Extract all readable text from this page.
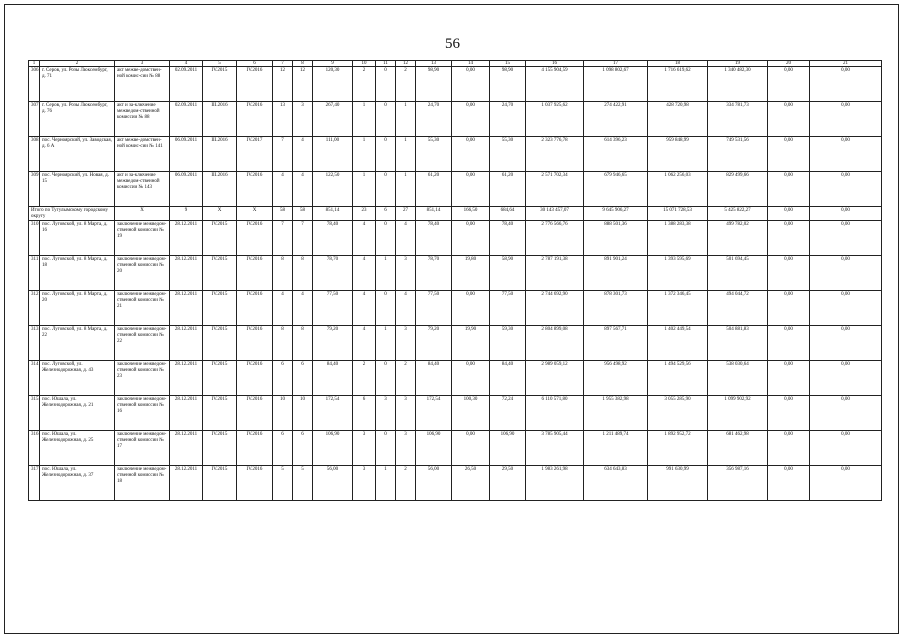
56
1	2	3	4	5	6	7	8	9	10	11	12	13	14	15	16	17	18	19	20	21
306	г. Серов, ул. Розы Люксембург, д. 71	акт межве-домствен-ной комис-сии № 88	02.09.2011	IV.2015	IV.2016	12	12	120,30	2	0	2	98,90	0,00	98,90	4 155 904,59	1 098 802,67	1 716 619,62	1 340 482,30	0,00	0,00
307	г. Серов, ул. Розы Люксембург, д. 76	акт и за-ключение межведом-ственной комиссии № 88	02.09.2011	III.2016	IV.2016	13	3	267,40	1	0	1	24,70	0,00	24,70	1 037 925,62	274 422,91	428 720,98	334 781,73	0,00	0,00
308	пос. Черноярский, ул. Заводская, д. 6 А	акт межве-домствен-ной комис-сии № 141	06.09.2011	III.2016	IV.2017	7	4	111,00	1	0	1	55,30	0,00	55,30	2 323 776,78	614 396,23	959 848,99	749 531,56	0,00	0,00
309	пос. Черноярский, ул. Новая, д. 15	акт и за-ключение межведом-ственной комиссии № 143	06.09.2011	III.2016	IV.2016	4	4	122,50	1	0	1	61,20	0,00	61,20	2 571 702,34	679 946,65	1 062 256,03	829 499,66	0,00	0,00
Итого по Тугулымскому городскому округу		X	9	X	X	58	58	851,14	23	6	27	851,14	166,50	684,64	30 143 457,07	9 645 906,27	15 071 728,53	5 425 822,27	0,00	0,00
310	пос. Луговской, ул. 8 Марта, д. 16	заключение межведом-ственной комиссии № 19	28.12.2011	IV.2015	IV.2016	7	7	78,40	4	0	4	78,40	0,00	78,40	2 776 566,76	888 501,36	1 388 283,38	499 782,02	0,00	0,00
311	пос. Луговской, ул. 8 Марта, д. 18	заключение межведом-ственной комиссии № 20	28.12.2011	IV.2015	IV.2016	8	8	78,70	4	1	3	78,70	19,80	58,90	2 787 191,38	891 901,24	1 393 595,69	501 694,45	0,00	0,00
312	пос. Луговской, ул. 8 Марта, д. 20	заключение межведом-ственной комиссии № 21	28.12.2011	IV.2015	IV.2016	4	4	77,50	4	0	4	77,50	0,00	77,50	2 744 692,90	878 301,73	1 372 346,45	494 044,72	0,00	0,00
313	пос. Луговской, ул. 8 Марта, д. 22	заключение межведом-ственной комиссии № 22	28.12.2011	IV.2015	IV.2016	8	8	79,20	4	1	3	79,20	19,90	59,30	2 804 899,08	897 567,71	1 402 449,54	504 881,83	0,00	0,00
314	пос. Луговской, ул. Железнодорожная, д. 43	заключение межведом-ственной комиссии № 23	28.12.2011	IV.2015	IV.2016	6	6	84,40	2	0	2	84,40	0,00	84,40	2 989 059,12	956 498,92	1 494 529,56	538 030,64	0,00	0,00
315	пос. Юшала, ул. Железнодорожная, д. 21	заключение межведом-ственной комиссии № 16	28.12.2011	IV.2015	IV.2016	10	10	172,54	6	3	3	172,54	100,30	72,24	6 110 571,80	1 955 382,98	3 055 285,90	1 099 902,92	0,00	0,00
316	пос. Юшала, ул. Железнодорожная, д. 25	заключение межведом-ственной комиссии № 17	28.12.2011	IV.2015	IV.2016	6	6	106,90	3	0	3	106,90	0,00	106,90	3 785 905,44	1 211 489,74	1 892 952,72	681 462,98	0,00	0,00
317	пос. Юшала, ул. Железнодорожная, д. 37	заключение межведом-ственной комиссии № 18	28.12.2011	IV.2015	IV.2016	5	5	56,00	3	1	2	56,00	26,50	29,50	1 983 261,98	634 643,83	991 630,99	356 987,16	0,00	0,00
